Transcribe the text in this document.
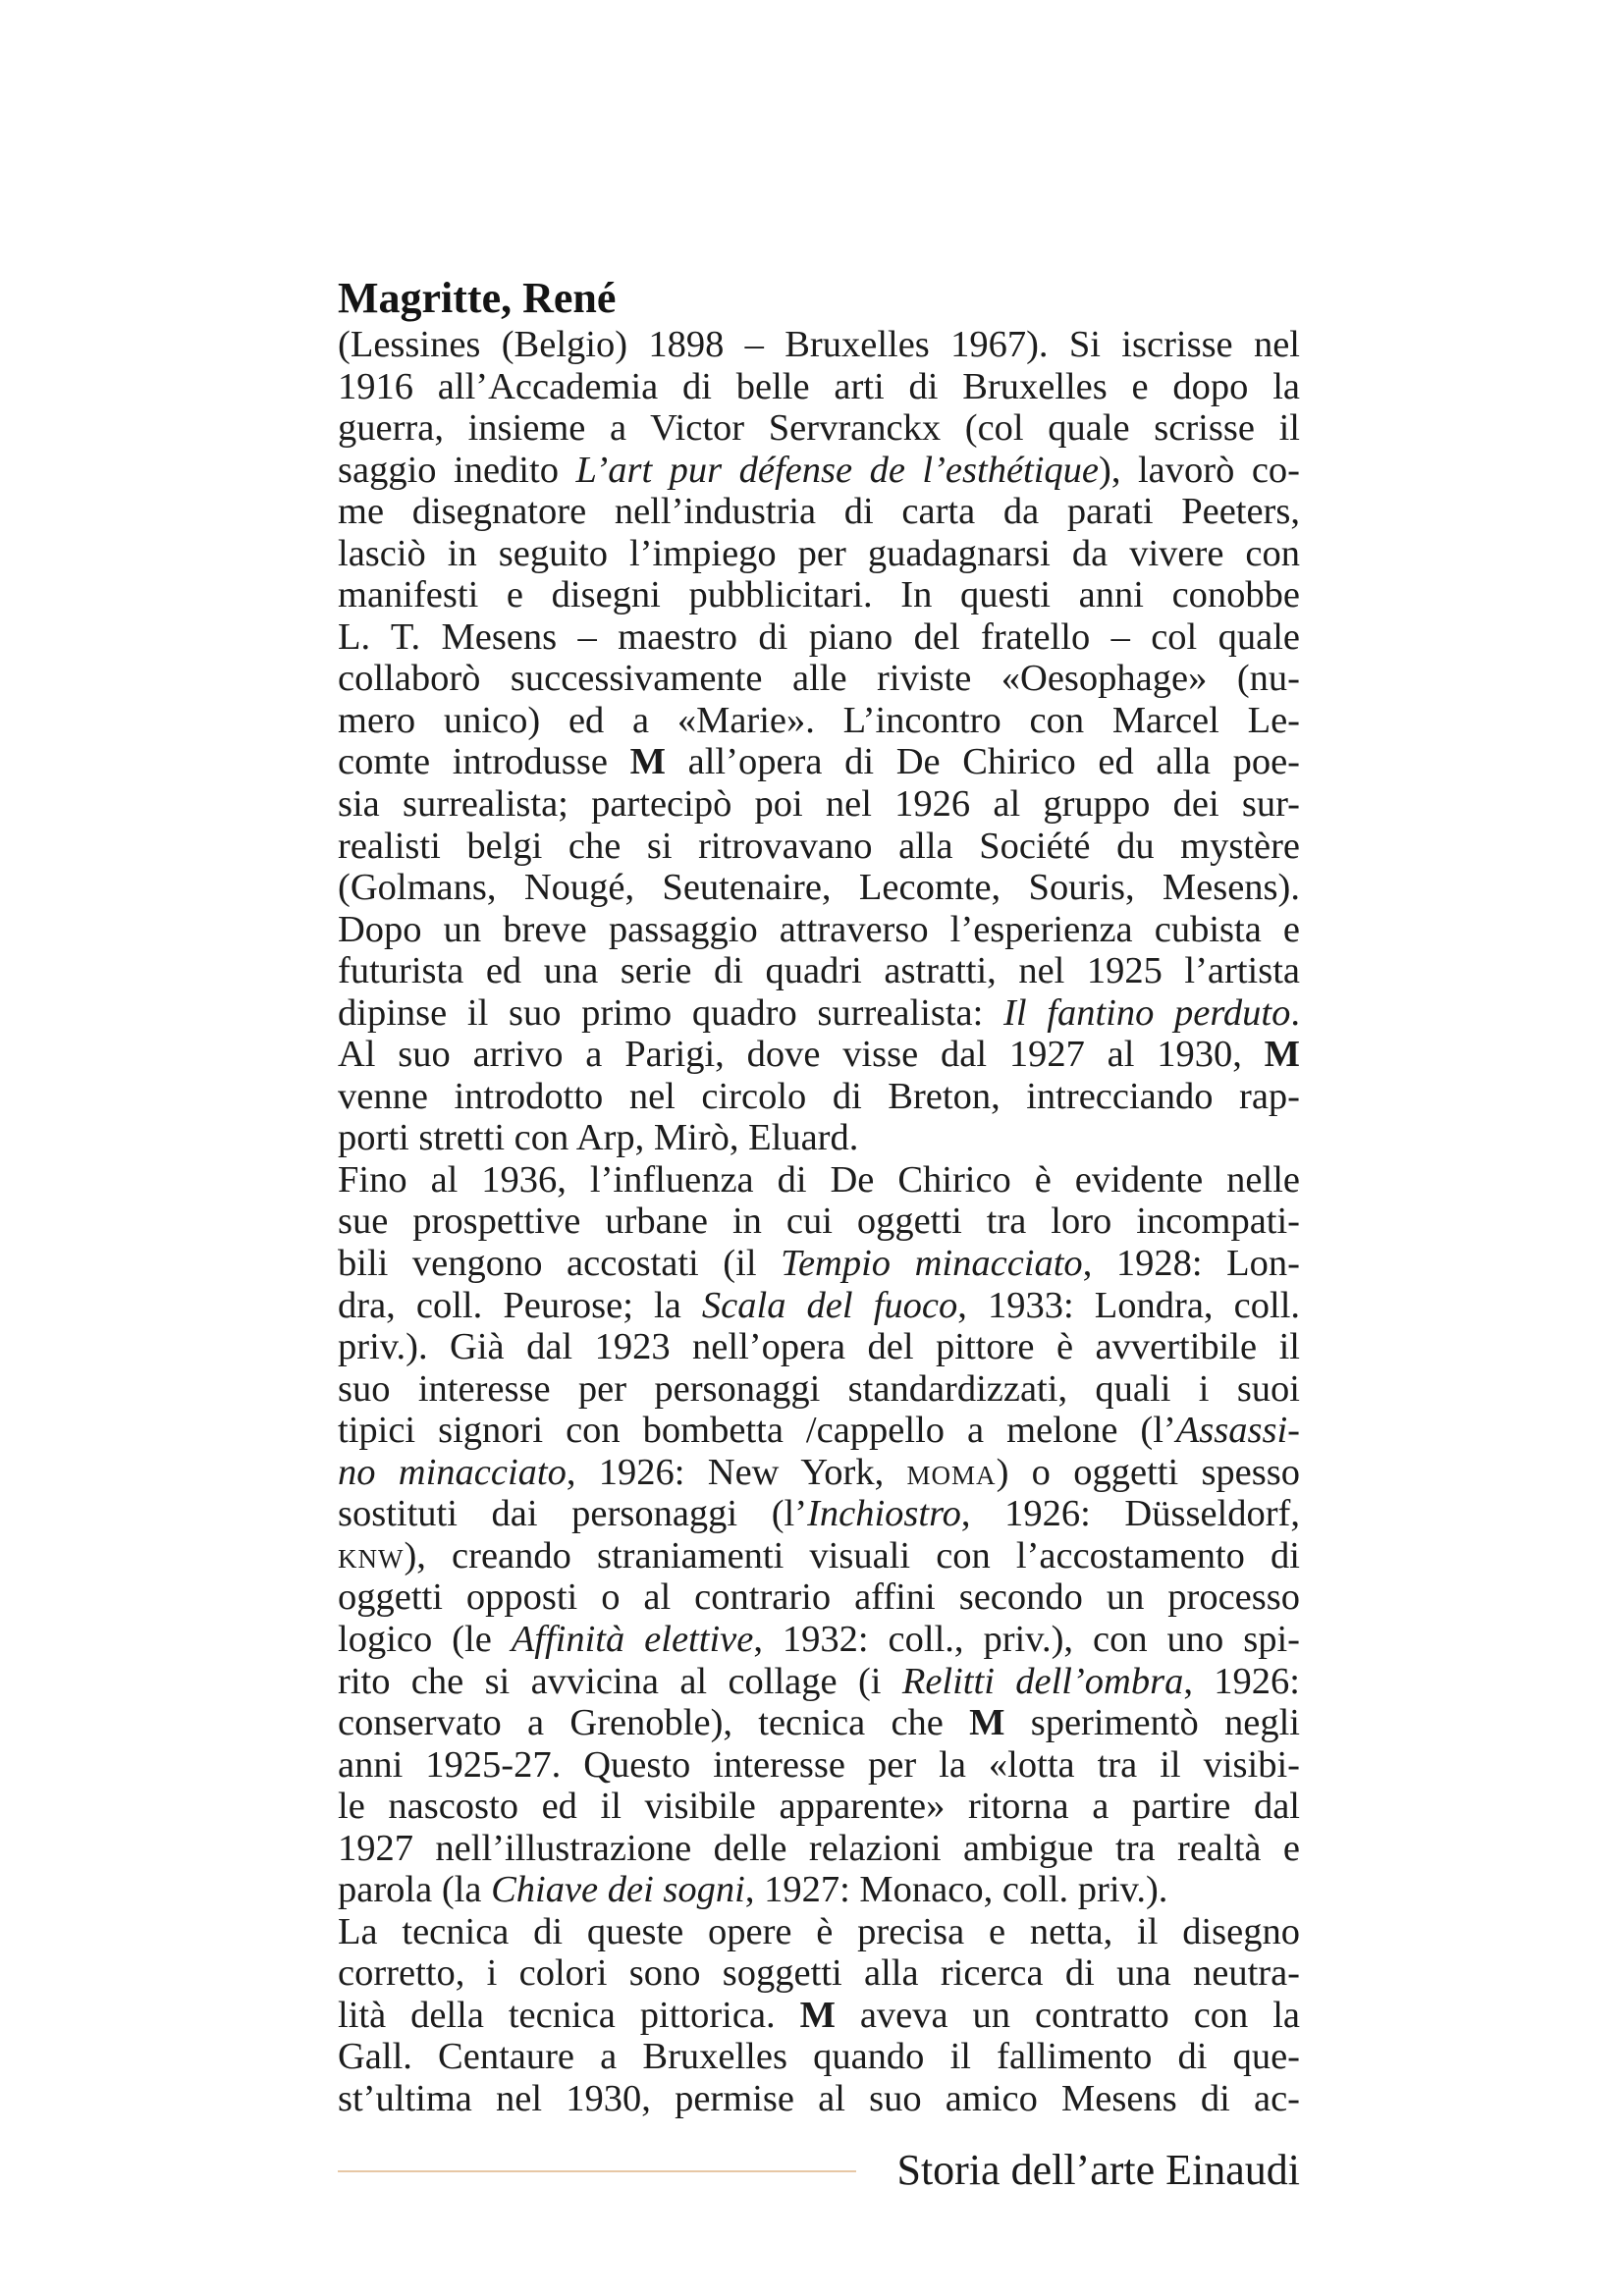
Magritte, René
(Lessines (Belgio) 1898 – Bruxelles 1967). Si iscrisse nel
1916 all’Accademia di belle arti di Bruxelles e dopo la
guerra, insieme a Victor Servranckx (col quale scrisse il
saggio inedito L’art pur défense de l’esthétique), lavorò co-
me disegnatore nell’industria di carta da parati Peeters,
lasciò in seguito l’impiego per guadagnarsi da vivere con
manifesti e disegni pubblicitari. In questi anni conobbe
L. T. Mesens – maestro di piano del fratello – col quale
collaborò successivamente alle riviste «Oesophage» (nu-
mero unico) ed a «Marie». L’incontro con Marcel Le-
comte introdusse M all’opera di De Chirico ed alla poe-
sia surrealista; partecipò poi nel 1926 al gruppo dei sur-
realisti belgi che si ritrovavano alla Société du mystère
(Golmans, Nougé, Seutenaire, Lecomte, Souris, Mesens).
Dopo un breve passaggio attraverso l’esperienza cubista e
futurista ed una serie di quadri astratti, nel 1925 l’artista
dipinse il suo primo quadro surrealista: Il fantino perduto.
Al suo arrivo a Parigi, dove visse dal 1927 al 1930, M
venne introdotto nel circolo di Breton, intrecciando rap-
porti stretti con Arp, Mirò, Eluard.
Fino al 1936, l’influenza di De Chirico è evidente nelle
sue prospettive urbane in cui oggetti tra loro incompati-
bili vengono accostati (il Tempio minacciato, 1928: Lon-
dra, coll. Peurose; la Scala del fuoco, 1933: Londra, coll.
priv.). Già dal 1923 nell’opera del pittore è avvertibile il
suo interesse per personaggi standardizzati, quali i suoi
tipici signori con bombetta /cappello a melone (l’Assassi-
no minacciato, 1926: New York, moma) o oggetti spesso
sostituti dai personaggi (l’Inchiostro, 1926: Düsseldorf,
knw), creando straniamenti visuali con l’accostamento di
oggetti opposti o al contrario affini secondo un processo
logico (le Affinità elettive, 1932: coll., priv.), con uno spi-
rito che si avvicina al collage (i Relitti dell’ombra, 1926:
conservato a Grenoble), tecnica che M sperimentò negli
anni 1925-27. Questo interesse per la «lotta tra il visibi-
le nascosto ed il visibile apparente» ritorna a partire dal
1927 nell’illustrazione delle relazioni ambigue tra realtà e
parola (la Chiave dei sogni, 1927: Monaco, coll. priv.).
La tecnica di queste opere è precisa e netta, il disegno
corretto, i colori sono soggetti alla ricerca di una neutra-
lità della tecnica pittorica. M aveva un contratto con la
Gall. Centaure a Bruxelles quando il fallimento di que-
st’ultima nel 1930, permise al suo amico Mesens di ac-
Storia dell’arte Einaudi
